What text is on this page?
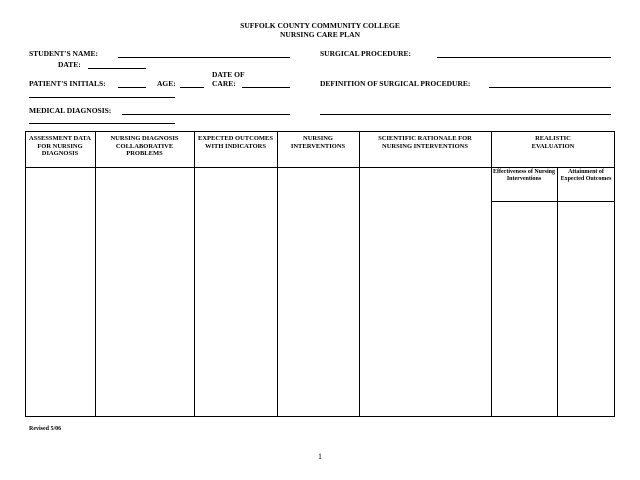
SUFFOLK COUNTY COMMUNITY COLLEGE
NURSING CARE PLAN
STUDENT'S NAME:
DATE:
PATIENT'S INITIALS:	AGE:
DATE OF
CARE:
MEDICAL DIAGNOSIS:
SURGICAL PROCEDURE:
DEFINITION OF SURGICAL PROCEDURE:
ASSESSMENT DATA FOR NURSING DIAGNOSIS
NURSING DIAGNOSIS COLLABORATIVE PROBLEMS
EXPECTED OUTCOMES WITH INDICATORS
NURSING INTERVENTIONS
SCIENTIFIC RATIONALE FOR NURSING INTERVENTIONS
REALISTIC EVALUATION
Effectiveness of Nursing Interventions
Attainment of Expected Outcomes
Revised 5/06
1
